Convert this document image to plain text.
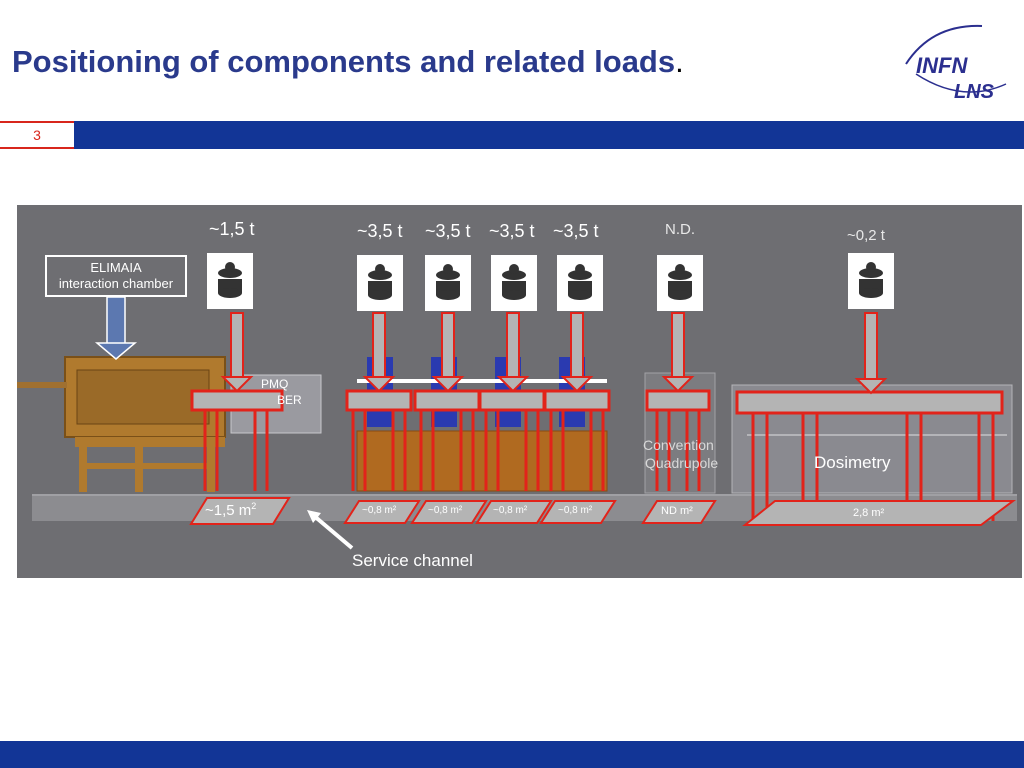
Positioning of components and related loads.	INFN
LNS
3
~1,5 t	~3,5 t ~3,5 t ~3,5 t ~3,5 t	N.D.	~0,2 t
ELIMAIA
interaction chamber
PMQ
BER
Convention
Quadrupole	Dosimetry
~1,5 $m^2$	~0,8 m²	~0,8 m²	~0,8 m²	~0,8 m²	ND m²	2,8 m²
Service channel
